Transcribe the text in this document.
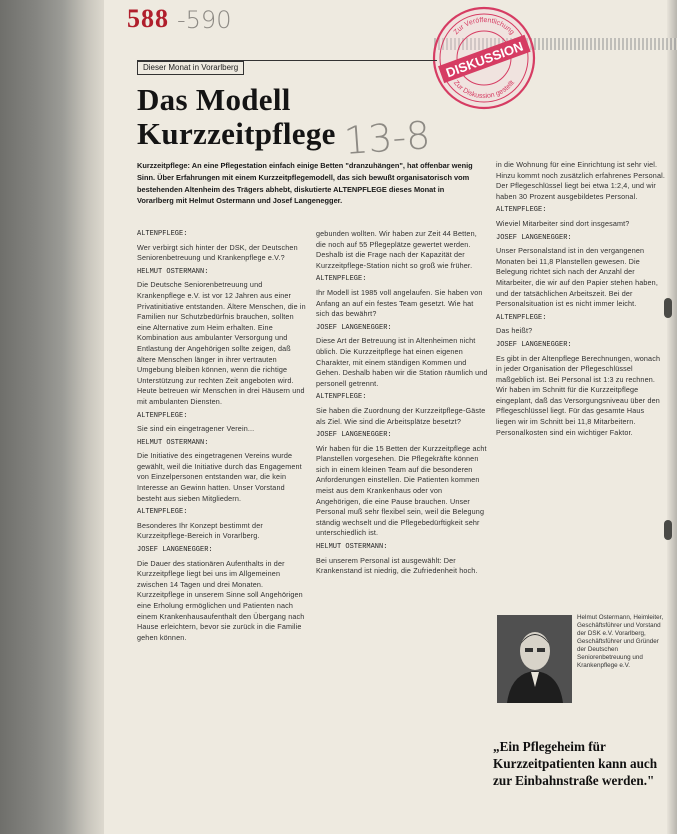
588 -590
13-8
Zur Veröffentlichung
Zur Diskussion gestellt
DISKUSSION
Dieser Monat in Vorarlberg
Das Modell
Kurzzeitpflege
Kurzzeitpflege: An eine Pflegestation einfach einige Betten "dranzuhängen", hat offenbar wenig Sinn. Über Erfahrungen mit einem Kurzzeitpflegemodell, das sich bewußt organisatorisch vom bestehenden Altenheim des Trägers abhebt, diskutierte ALTENPFLEGE dieses Monat in Vorarlberg mit Helmut Ostermann und Josef Langenegger.

ALTENPFLEGE:

Wer verbirgt sich hinter der DSK, der Deutschen Seniorenbetreuung und Krankenpflege e.V.?

HELMUT OSTERMANN:

Die Deutsche Seniorenbetreuung und Krankenpflege e.V. ist vor 12 Jahren aus einer Privatinitiative entstanden. Ältere Menschen, die in Familien nur Schutzbedürfnis brauchen, sollten eine Alternative zum Heim erhalten. Eine Kombination aus ambulanter Versorgung und Entlastung der Angehörigen sollte zeigen, daß ältere Menschen länger in ihrer vertrauten Umgebung bleiben können, wenn die richtige Unterstützung zur rechten Zeit angeboten wird. Heute betreuen wir Menschen in drei Häusern und mit ambulanten Diensten.

ALTENPFLEGE:

Sie sind ein eingetragener Verein...

HELMUT OSTERMANN:

Die Initiative des eingetragenen Vereins wurde gewählt, weil die Initiative durch das Engagement von Einzelpersonen entstanden war, die kein Interesse an Gewinn hatten. Unser Vorstand besteht aus sieben Mitgliedern.

ALTENPFLEGE:

Besonderes Ihr Konzept bestimmt der Kurzzeitpflege-Bereich in Vorarlberg.

JOSEF LANGENEGGER:

Die Dauer des stationären Aufenthalts in der Kurzzeitpflege liegt bei uns im Allgemeinen zwischen 14 Tagen und drei Monaten. Kurzzeitpflege in unserem Sinne soll Angehörigen eine Erholung ermöglichen und Patienten nach einem Krankenhausaufenthalt den Übergang nach Hause erleichtern, bevor sie zurück in die Familie gehen können.

gebunden wollten. Wir haben zur Zeit 44 Betten, die noch auf 55 Pflegeplätze gewertet werden. Deshalb ist die Frage nach der Kapazität der Kurzzeitpflege-Station nicht so groß wie früher.

ALTENPFLEGE:

Ihr Modell ist 1985 voll angelaufen. Sie haben von Anfang an auf ein festes Team gesetzt. Wie hat sich das bewährt?

JOSEF LANGENEGGER:

Diese Art der Betreuung ist in Altenheimen nicht üblich. Die Kurzzeitpflege hat einen eigenen Charakter, mit einem ständigen Kommen und Gehen. Deshalb haben wir die Station räumlich und personell getrennt.

ALTENPFLEGE:

Sie haben die Zuordnung der Kurzzeitpflege-Gäste als Ziel. Wie sind die Arbeitsplätze besetzt?

JOSEF LANGENEGGER:

Wir haben für die 15 Betten der Kurzzeitpflege acht Planstellen vorgesehen. Die Pflegekräfte können sich in einem kleinen Team auf die besonderen Anforderungen einstellen. Die Patienten kommen meist aus dem Krankenhaus oder von Angehörigen, die eine Pause brauchen. Unser Personal muß sehr flexibel sein, weil die Belegung ständig wechselt und die Pflegebedürftigkeit sehr unterschiedlich ist.

HELMUT OSTERMANN:

Bei unserem Personal ist ausgewählt: Der Krankenstand ist niedrig, die Zufriedenheit hoch.

in die Wohnung für eine Einrichtung ist sehr viel. Hinzu kommt noch zusätzlich erfahrenes Personal. Der Pflegeschlüssel liegt bei etwa 1:2,4, und wir haben 30 Prozent ausgebildetes Personal.

ALTENPFLEGE:

Wieviel Mitarbeiter sind dort insgesamt?

JOSEF LANGENEGGER:

Unser Personalstand ist in den vergangenen Monaten bei 11,8 Planstellen gewesen. Die Belegung richtet sich nach der Anzahl der Mitarbeiter, die wir auf den Papier stehen haben, und der tatsächlichen Arbeitszeit. Bei der Personalsituation ist es nicht immer leicht.

ALTENPFLEGE:

Das heißt?

JOSEF LANGENEGGER:

Es gibt in der Altenpflege Berechnungen, wonach in jeder Organisation der Pflegeschlüssel maßgeblich ist. Bei Personal ist 1:3 zu rechnen. Wir haben im Schnitt für die Kurzzeitpflege eingeplant, daß das Versorgungsniveau über den Pflegeschlüssel liegt. Für das gesamte Haus liegen wir im Schnitt bei 11,8 Mitarbeitern. Personalkosten sind ein wichtiger Faktor.

Helmut Ostermann, Heimleiter, Geschäftsführer und Vorstand der DSK e.V. Vorarlberg, Geschäftsführer und Gründer der Deutschen Seniorenbetreuung und Krankenpflege e.V.
„Ein Pflegeheim für Kurzzeitpatienten kann auch zur Einbahnstraße werden."
